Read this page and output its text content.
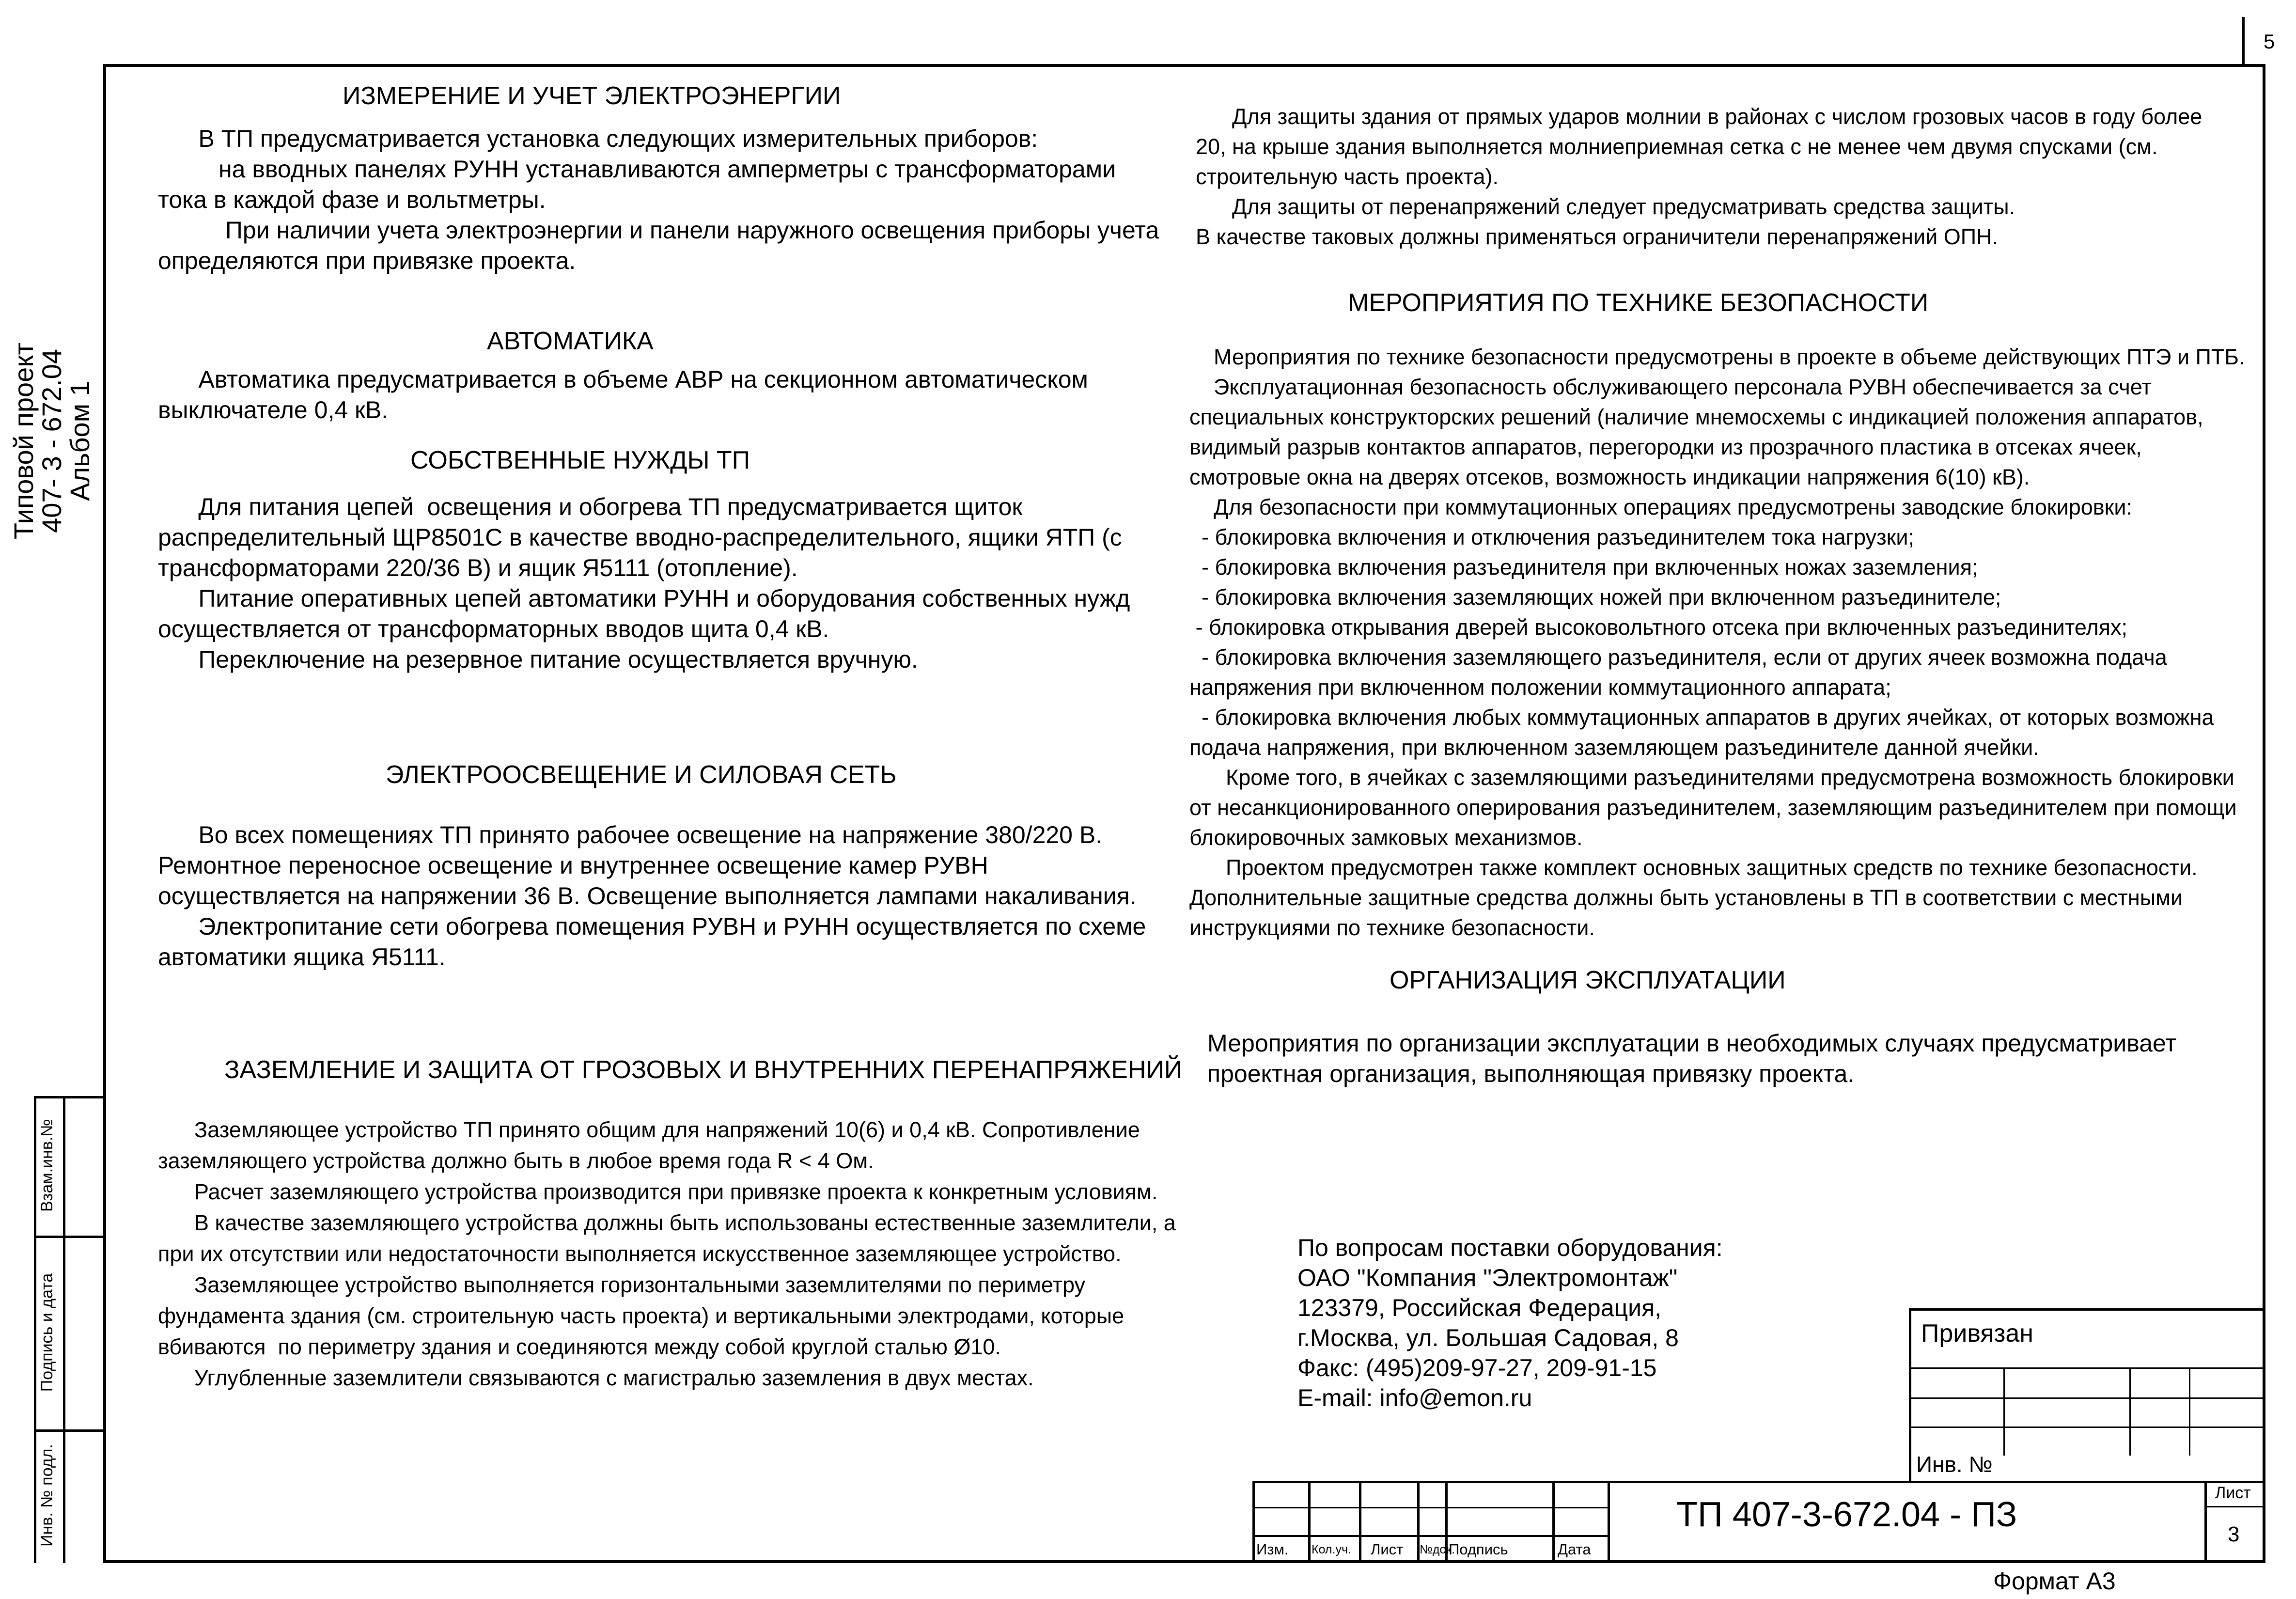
5
Типовой проект
407- 3 - 672.04
Альбом 1
Взам.инв.№
Подпись и дата
Инв. № подл.
ИЗМЕРЕНИЕ И УЧЕТ ЭЛЕКТРОЭНЕРГИИ
В ТП предусматривается установка следующих измерительных приборов:
на вводных панелях РУНН устанавливаются амперметры с трансформаторами
тока в каждой фазе и вольтметры.
При наличии учета электроэнергии и панели наружного освещения приборы учета
определяются при привязке проекта.
АВТОМАТИКА
Автоматика предусматривается в объеме АВР на секционном автоматическом
выключателе 0,4 кВ.
СОБСТВЕННЫЕ НУЖДЫ ТП
Для питания цепей  освещения и обогрева ТП предусматривается щиток
распределительный ЩР8501С в качестве вводно-распределительного, ящики ЯТП (с
трансформаторами 220/36 В) и ящик Я5111 (отопление).
Питание оперативных цепей автоматики РУНН и оборудования собственных нужд
осуществляется от трансформаторных вводов щита 0,4 кВ.
Переключение на резервное питание осуществляется вручную.
ЭЛЕКТРООСВЕЩЕНИЕ И СИЛОВАЯ СЕТЬ
Во всех помещениях ТП принято рабочее освещение на напряжение 380/220 В.
Ремонтное переносное освещение и внутреннее освещение камер РУВН
осуществляется на напряжении 36 В. Освещение выполняется лампами накаливания.
Электропитание сети обогрева помещения РУВН и РУНН осуществляется по схеме
автоматики ящика Я5111.
ЗАЗЕМЛЕНИЕ И ЗАЩИТА ОТ ГРОЗОВЫХ И ВНУТРЕННИХ ПЕРЕНАПРЯЖЕНИЙ
Заземляющее устройство ТП принято общим для напряжений 10(6) и 0,4 кВ. Сопротивление
заземляющего устройства должно быть в любое время года R < 4 Ом.
Расчет заземляющего устройства производится при привязке проекта к конкретным условиям.
В качестве заземляющего устройства должны быть использованы естественные заземлители, а
при их отсутствии или недостаточности выполняется искусственное заземляющее устройство.
Заземляющее устройство выполняется горизонтальными заземлителями по периметру
фундамента здания (см. строительную часть проекта) и вертикальными электродами, которые
вбиваются  по периметру здания и соединяются между собой круглой сталью Ø10.
Углубленные заземлители связываются с магистралью заземления в двух местах.
Для защиты здания от прямых ударов молнии в районах с числом грозовых часов в году более
20, на крыше здания выполняется молниеприемная сетка с не менее чем двумя спусками (см.
строительную часть проекта).
Для защиты от перенапряжений следует предусматривать средства защиты.
В качестве таковых должны применяться ограничители перенапряжений ОПН.
МЕРОПРИЯТИЯ ПО ТЕХНИКЕ БЕЗОПАСНОСТИ
Мероприятия по технике безопасности предусмотрены в проекте в объеме действующих ПТЭ и ПТБ.
Эксплуатационная безопасность обслуживающего персонала РУВН обеспечивается за счет
специальных конструкторских решений (наличие мнемосхемы с индикацией положения аппаратов,
видимый разрыв контактов аппаратов, перегородки из прозрачного пластика в отсеках ячеек,
смотровые окна на дверях отсеков, возможность индикации напряжения 6(10) кВ).
Для безопасности при коммутационных операциях предусмотрены заводские блокировки:
- блокировка включения и отключения разъединителем тока нагрузки;
- блокировка включения разъединителя при включенных ножах заземления;
- блокировка включения заземляющих ножей при включенном разъединителе;
- блокировка открывания дверей высоковольтного отсека при включенных разъединителях;
- блокировка включения заземляющего разъединителя, если от других ячеек возможна подача
напряжения при включенном положении коммутационного аппарата;
- блокировка включения любых коммутационных аппаратов в других ячейках, от которых возможна
подача напряжения, при включенном заземляющем разъединителе данной ячейки.
Кроме того, в ячейках с заземляющими разъединителями предусмотрена возможность блокировки
от несанкционированного оперирования разъединителем, заземляющим разъединителем при помощи
блокировочных замковых механизмов.
Проектом предусмотрен также комплект основных защитных средств по технике безопасности.
Дополнительные защитные средства должны быть установлены в ТП в соответствии с местными
инструкциями по технике безопасности.
ОРГАНИЗАЦИЯ ЭКСПЛУАТАЦИИ
Мероприятия по организации эксплуатации в необходимых случаях предусматривает
проектная организация, выполняющая привязку проекта.
По вопросам поставки оборудования:
ОАО "Компания "Электромонтаж"
123379, Российская Федерация,
г.Москва, ул. Большая Садовая, 8
Факс: (495)209-97-27, 209-91-15
E-mail: info@emon.ru
Привязан
Инв. №
Изм. Кол.уч. Лист №док.
Подпись	Дата
ТП 407-3-672.04 - ПЗ
Лист
3
Формат А3
